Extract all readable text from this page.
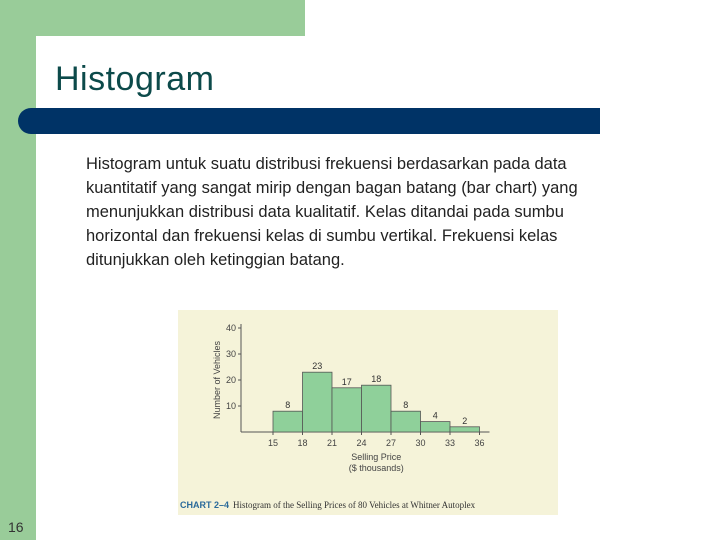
Histogram
Histogram untuk suatu distribusi frekuensi berdasarkan pada data kuantitatif yang sangat mirip dengan bagan batang (bar chart) yang menunjukkan distribusi data kualitatif. Kelas ditandai pada sumbu horizontal dan frekuensi kelas di sumbu vertikal. Frekuensi kelas ditunjukkan oleh ketinggian batang.
10
20
30
40
Number of Vehicles	8
23
17 18
8
4
2
15 18 21 24 27 30 33 36
Selling Price
($ thousands)
CHART 2–4 Histogram of the Selling Prices of 80 Vehicles at Whitner Autoplex
16
